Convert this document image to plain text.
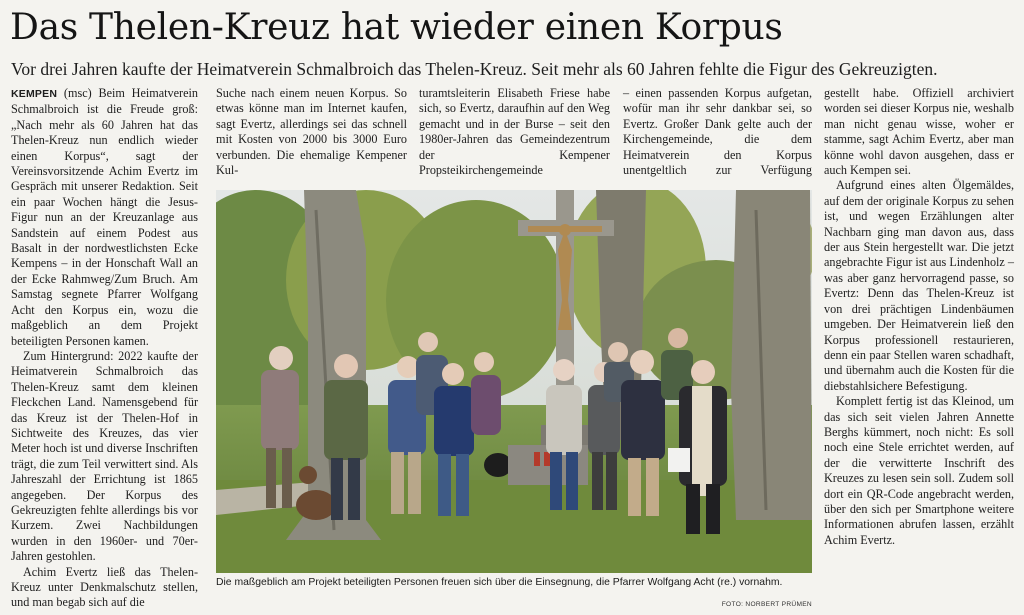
Das Thelen-Kreuz hat wieder einen Korpus

Vor drei Jahren kaufte der Heimatverein Schmalbroich das Thelen-Kreuz. Seit mehr als 60 Jahren fehlte die Figur des Gekreuzigten.

KEMPEN (msc) Beim Heimatverein Schmalbroich ist die Freude groß: „Nach mehr als 60 Jahren hat das Thelen-Kreuz nun endlich wieder einen Korpus“, sagt der Vereinsvorsitzende Achim Evertz im Gespräch mit unserer Redaktion. Seit ein paar Wochen hängt die Jesus-Figur nun an der Kreuzanlage aus Sandstein auf einem Podest aus Basalt in der nordwestlichsten Ecke Kempens – in der Honschaft Wall an der Ecke Rahmweg/Zum Bruch. Am Samstag segnete Pfarrer Wolfgang Acht den Korpus ein, wozu die maßgeblich an dem Projekt beteiligten Personen kamen.

Zum Hintergrund: 2022 kaufte der Heimatverein Schmalbroich das Thelen-Kreuz samt dem kleinen Fleckchen Land. Namensgebend für das Kreuz ist der Thelen-Hof in Sichtweite des Kreuzes, das vier Meter hoch ist und diverse Inschriften trägt, die zum Teil verwittert sind. Als Jahreszahl der Errichtung ist 1865 angegeben. Der Korpus des Gekreuzigten fehlte allerdings bis vor Kurzem. Zwei Nachbildungen wurden in den 1960er- und 70er-Jahren gestohlen.

Achim Evertz ließ das Thelen-Kreuz unter Denkmalschutz stellen, und man begab sich auf die

Suche nach einem neuen Korpus. So etwas könne man im Internet kaufen, sagt Evertz, allerdings sei das schnell mit Kosten von 2000 bis 3000 Euro verbunden. Die ehemalige Kempener Kul-

turamtsleiterin Elisabeth Friese habe sich, so Evertz, daraufhin auf den Weg gemacht und in der Burse – seit den 1980er-Jahren das Gemeindezentrum der Kempener Propsteikirchengemeinde

– einen passenden Korpus aufgetan, wofür man ihr sehr dankbar sei, so Evertz. Großer Dank gelte auch der Kirchengemeinde, die dem Heimatverein den Korpus unentgeltlich zur Verfügung

gestellt habe. Offiziell archiviert worden sei dieser Korpus nie, weshalb man nicht genau wisse, woher er stamme, sagt Achim Evertz, aber man könne wohl davon ausgehen, dass er auch Kempen sei.

Aufgrund eines alten Ölgemäldes, auf dem der originale Korpus zu sehen ist, und wegen Erzählungen alter Nachbarn ging man davon aus, dass der aus Stein hergestellt war. Die jetzt angebrachte Figur ist aus Lindenholz – was aber ganz hervorragend passe, so Evertz: Denn das Thelen-Kreuz ist von drei prächtigen Lindenbäumen umgeben. Der Heimatverein ließ den Korpus professionell restaurieren, denn ein paar Stellen waren schadhaft, und übernahm auch die Kosten für die diebstahlsichere Befestigung.

Komplett fertig ist das Kleinod, um das sich seit vielen Jahren Annette Berghs kümmert, noch nicht: Es soll noch eine Stele errichtet werden, auf der die verwitterte Inschrift des Kreuzes zu lesen sein soll. Zudem soll dort ein QR-Code angebracht werden, über den sich per Smartphone weitere Informationen abrufen lassen, erzählt Achim Evertz.

Die maßgeblich am Projekt beteiligten Personen freuen sich über die Einsegnung, die Pfarrer Wolfgang Acht (re.) vornahm.

FOTO: NORBERT PRÜMEN
